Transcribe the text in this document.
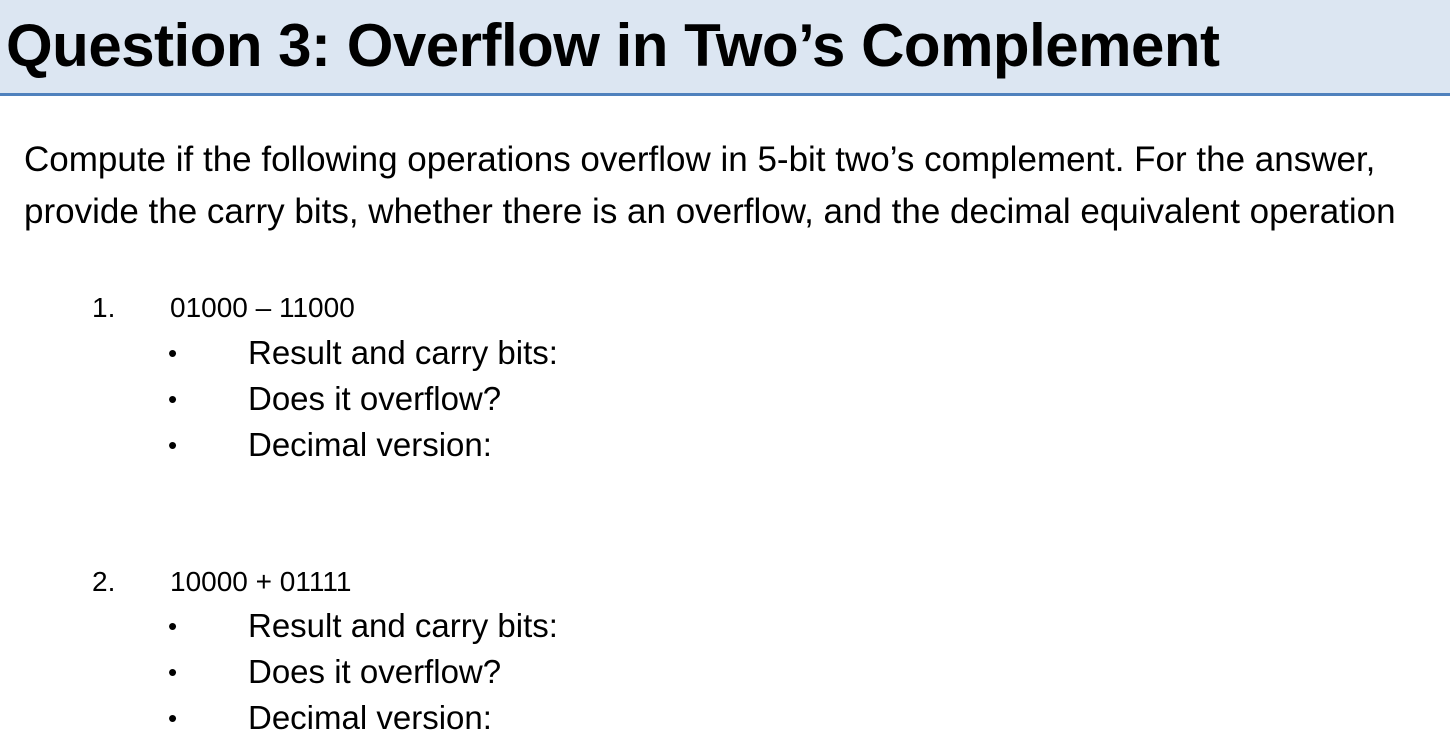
Question 3: Overflow in Two’s Complement
Compute if the following operations overflow in 5-bit two’s complement. For the answer, provide the carry bits, whether there is an overflow, and the decimal equivalent operation
1. 01000 – 11000
• Result and carry bits:
• Does it overflow?
• Decimal version:
2. 10000 + 01111
• Result and carry bits:
• Does it overflow?
• Decimal version:
